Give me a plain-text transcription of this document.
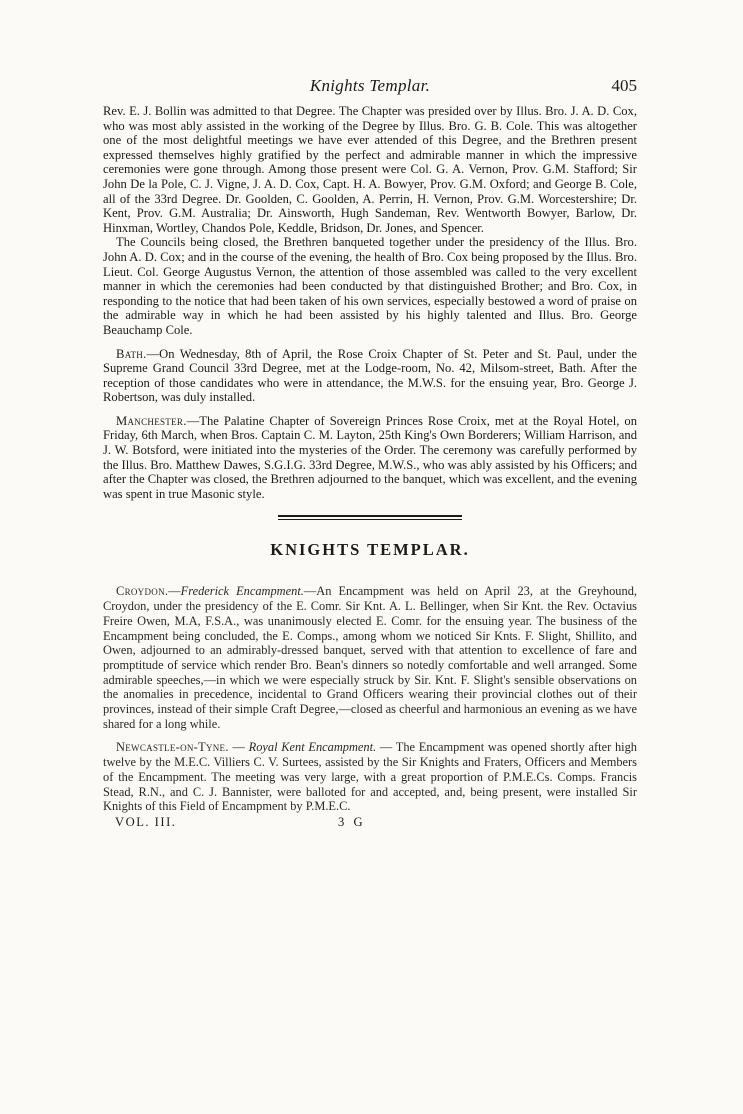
Knights Templar.	405

Rev. E. J. Bollin was admitted to that Degree. The Chapter was presided over by Illus. Bro. J. A. D. Cox, who was most ably assisted in the working of the Degree by Illus. Bro. G. B. Cole. This was altogether one of the most delightful meetings we have ever attended of this Degree, and the Brethren present expressed themselves highly gratified by the perfect and admirable manner in which the impressive ceremonies were gone through. Among those present were Col. G. A. Vernon, Prov. G.M. Stafford; Sir John De la Pole, C. J. Vigne, J. A. D. Cox, Capt. H. A. Bowyer, Prov. G.M. Oxford; and George B. Cole, all of the 33rd Degree. Dr. Goolden, C. Goolden, A. Perrin, H. Vernon, Prov. G.M. Worcestershire; Dr. Kent, Prov. G.M. Australia; Dr. Ainsworth, Hugh Sandeman, Rev. Wentworth Bowyer, Barlow, Dr. Hinxman, Wortley, Chandos Pole, Keddle, Bridson, Dr. Jones, and Spencer.

The Councils being closed, the Brethren banqueted together under the presidency of the Illus. Bro. John A. D. Cox; and in the course of the evening, the health of Bro. Cox being proposed by the Illus. Bro. Lieut. Col. George Augustus Vernon, the attention of those assembled was called to the very excellent manner in which the ceremonies had been conducted by that distinguished Brother; and Bro. Cox, in responding to the notice that had been taken of his own services, especially bestowed a word of praise on the admirable way in which he had been assisted by his highly talented and Illus. Bro. George Beauchamp Cole.

Bath.—On Wednesday, 8th of April, the Rose Croix Chapter of St. Peter and St. Paul, under the Supreme Grand Council 33rd Degree, met at the Lodge-room, No. 42, Milsom-street, Bath. After the reception of those candidates who were in attendance, the M.W.S. for the ensuing year, Bro. George J. Robertson, was duly installed.

Manchester.—The Palatine Chapter of Sovereign Princes Rose Croix, met at the Royal Hotel, on Friday, 6th March, when Bros. Captain C. M. Layton, 25th King's Own Borderers; William Harrison, and J. W. Botsford, were initiated into the mysteries of the Order. The ceremony was carefully performed by the Illus. Bro. Matthew Dawes, S.G.I.G. 33rd Degree, M.W.S., who was ably assisted by his Officers; and after the Chapter was closed, the Brethren adjourned to the banquet, which was excellent, and the evening was spent in true Masonic style.

KNIGHTS TEMPLAR.

Croydon.—Frederick Encampment.—An Encampment was held on April 23, at the Greyhound, Croydon, under the presidency of the E. Comr. Sir Knt. A. L. Bellinger, when Sir Knt. the Rev. Octavius Freire Owen, M.A, F.S.A., was unanimously elected E. Comr. for the ensuing year. The business of the Encampment being concluded, the E. Comps., among whom we noticed Sir Knts. F. Slight, Shillito, and Owen, adjourned to an admirably-dressed banquet, served with that attention to excellence of fare and promptitude of service which render Bro. Bean's dinners so notedly comfortable and well arranged. Some admirable speeches,—in which we were especially struck by Sir. Knt. F. Slight's sensible observations on the anomalies in precedence, incidental to Grand Officers wearing their provincial clothes out of their provinces, instead of their simple Craft Degree,—closed as cheerful and harmonious an evening as we have shared for a long while.

Newcastle-on-Tyne. — Royal Kent Encampment. — The Encampment was opened shortly after high twelve by the M.E.C. Villiers C. V. Surtees, assisted by the Sir Knights and Fraters, Officers and Members of the Encampment. The meeting was very large, with a great proportion of P.M.E.Cs. Comps. Francis Stead, R.N., and C. J. Bannister, were balloted for and accepted, and, being present, were installed Sir Knights of this Field of Encampment by P.M.E.C.

VOL. III.	3 G
